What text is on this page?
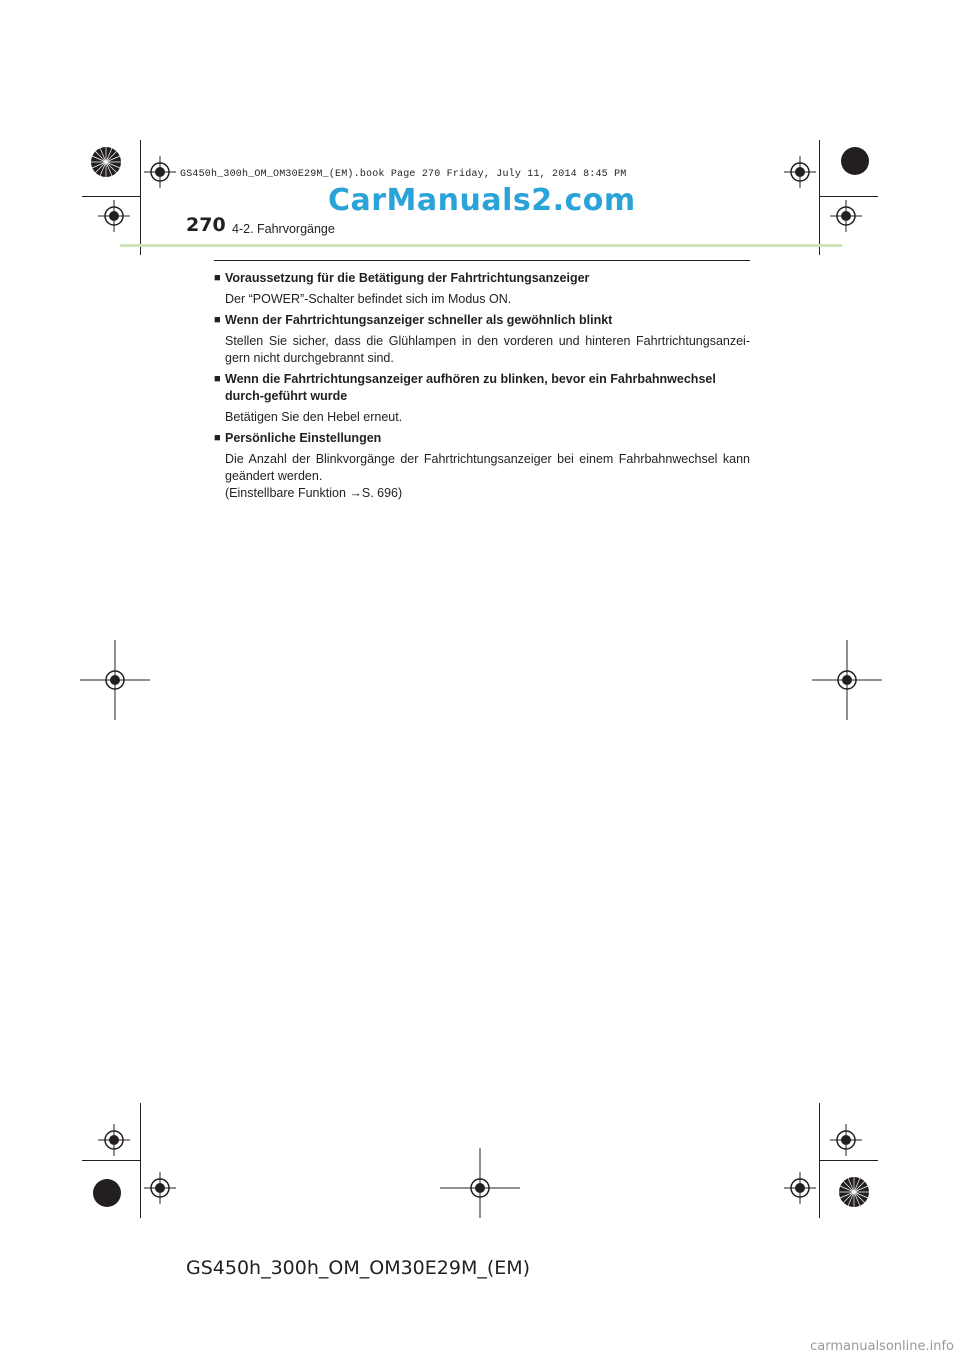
GS450h_300h_OM_OM30E29M_(EM).book Page 270 Friday, July 11, 2014 8:45 PM
CarManuals2.com
270 4-2. Fahrvorgänge
■ Voraussetzung für die Betätigung der Fahrtrichtungsanzeiger
Der “POWER”-Schalter befindet sich im Modus ON.
■ Wenn der Fahrtrichtungsanzeiger schneller als gewöhnlich blinkt
Stellen Sie sicher, dass die Glühlampen in den vorderen und hinteren Fahrtrichtungsanzei-gern nicht durchgebrannt sind.
■ Wenn die Fahrtrichtungsanzeiger aufhören zu blinken, bevor ein Fahrbahnwechsel durch-geführt wurde
Betätigen Sie den Hebel erneut.
■ Persönliche Einstellungen
Die Anzahl der Blinkvorgänge der Fahrtrichtungsanzeiger bei einem Fahrbahnwechsel kann geändert werden.
(Einstellbare Funktion →S. 696)
GS450h_300h_OM_OM30E29M_(EM)
carmanualsonline.info
